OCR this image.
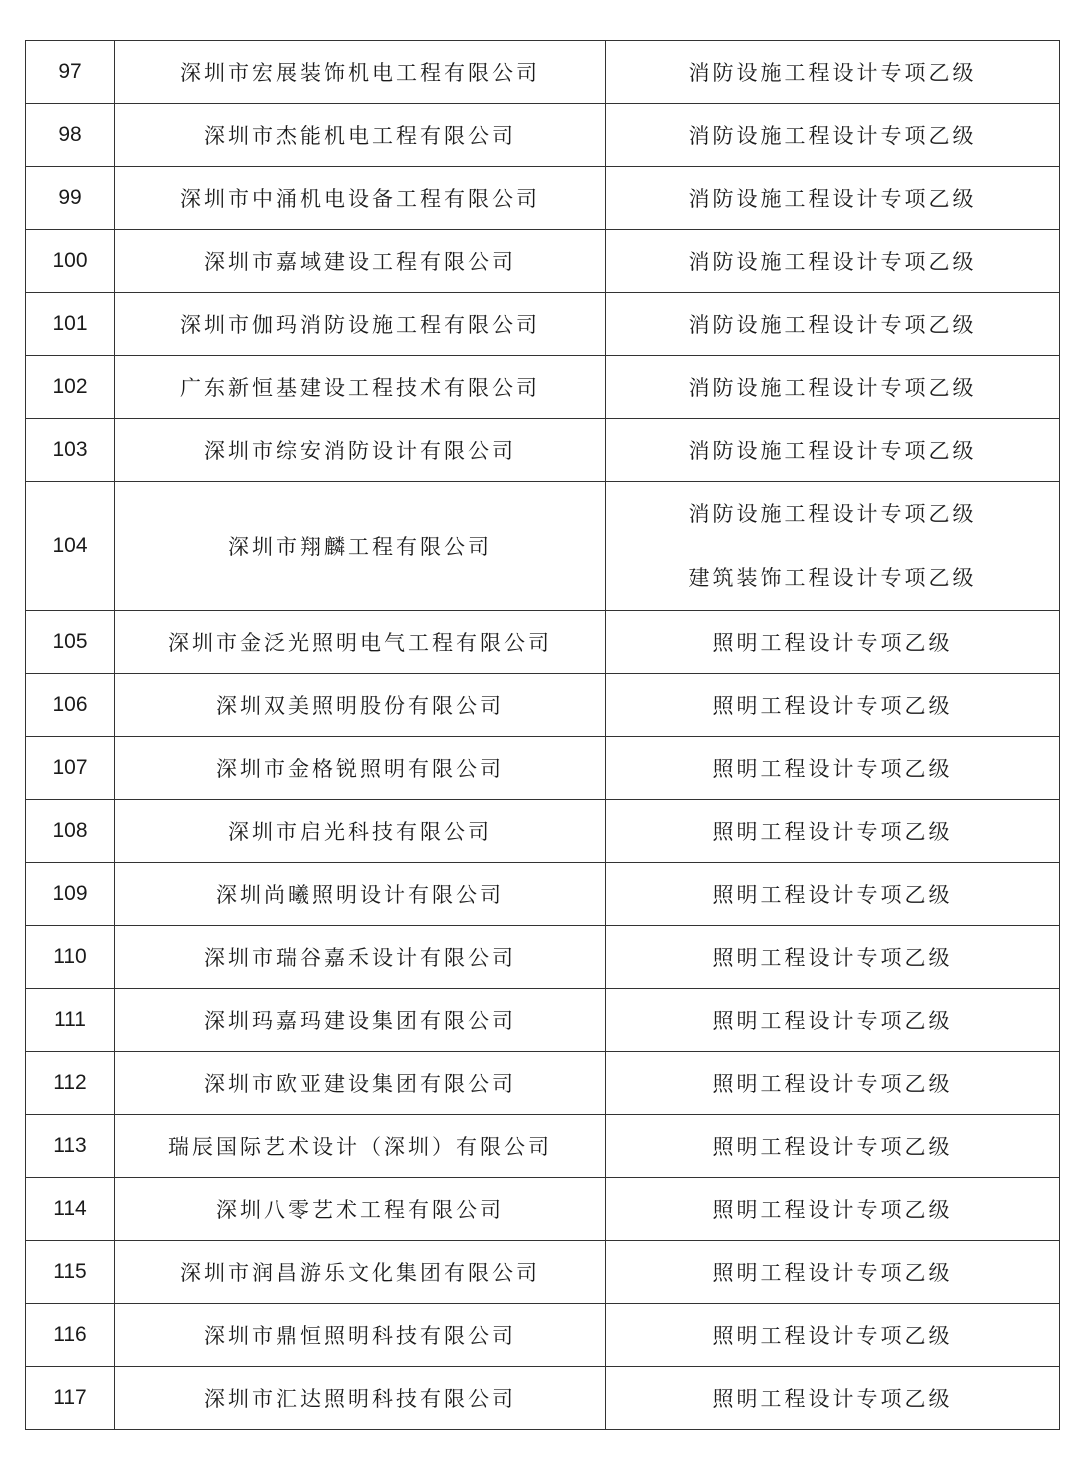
97	深圳市宏展装饰机电工程有限公司	消防设施工程设计专项乙级
98	深圳市杰能机电工程有限公司	消防设施工程设计专项乙级
99	深圳市中涌机电设备工程有限公司	消防设施工程设计专项乙级
100	深圳市嘉域建设工程有限公司	消防设施工程设计专项乙级
101	深圳市伽玛消防设施工程有限公司	消防设施工程设计专项乙级
102	广东新恒基建设工程技术有限公司	消防设施工程设计专项乙级
103	深圳市综安消防设计有限公司	消防设施工程设计专项乙级
104	深圳市翔麟工程有限公司	消防设施工程设计专项乙级
建筑装饰工程设计专项乙级

105	深圳市金泛光照明电气工程有限公司	照明工程设计专项乙级
106	深圳双美照明股份有限公司	照明工程设计专项乙级
107	深圳市金格锐照明有限公司	照明工程设计专项乙级
108	深圳市启光科技有限公司	照明工程设计专项乙级
109	深圳尚曦照明设计有限公司	照明工程设计专项乙级
110	深圳市瑞谷嘉禾设计有限公司	照明工程设计专项乙级
111	深圳玛嘉玛建设集团有限公司	照明工程设计专项乙级
112	深圳市欧亚建设集团有限公司	照明工程设计专项乙级
113	瑞辰国际艺术设计（深圳）有限公司	照明工程设计专项乙级
114	深圳八零艺术工程有限公司	照明工程设计专项乙级
115	深圳市润昌游乐文化集团有限公司	照明工程设计专项乙级
116	深圳市鼎恒照明科技有限公司	照明工程设计专项乙级
117	深圳市汇达照明科技有限公司	照明工程设计专项乙级
